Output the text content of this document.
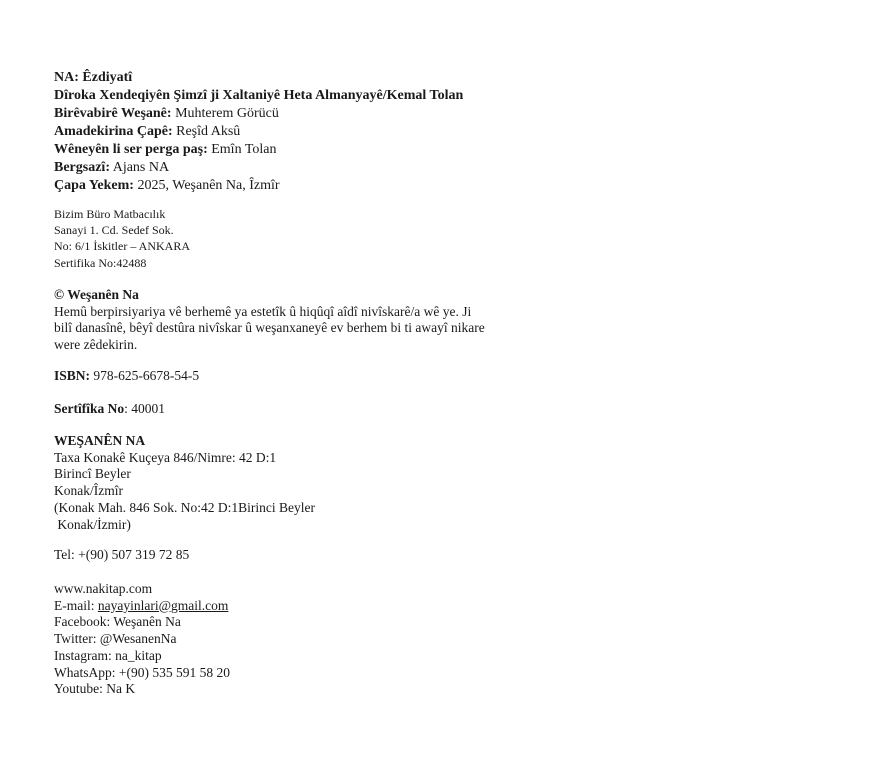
NA: Êzdiyatî
Dîroka Xendeqiyên Şimzî ji Xaltaniyê Heta Almanyayê/Kemal Tolan
Birêvabirê Weşanê: Muhterem Görücü
Amadekirina Çapê: Reşîd Aksû
Wêneyên li ser perga paş: Emîn Tolan
Bergsazî: Ajans NA
Çapa Yekem: 2025, Weşanên Na, Îzmîr
Bizim Büro Matbacılık
Sanayi 1. Cd. Sedef Sok.
No: 6/1 İskitler – ANKARA
Sertifika No:42488
© Weşanên Na
Hemû berpirsiyariya vê berhemê ya estetîk û hiqûqî aîdî nivîskarê/a wê ye. Ji
bilî danasînê, bêyî destûra nivîskar û weşanxaneyê ev berhem bi ti awayî nikare
were zêdekirin.
ISBN: 978-625-6678-54-5
Sertîfîka No: 40001
WEŞANÊN NA
Taxa Konakê Kuçeya 846/Nimre: 42 D:1
Birincî Beyler
Konak/Îzmîr
(Konak Mah. 846 Sok. No:42 D:1Birinci Beyler
Konak/İzmir)
Tel: +(90) 507 319 72 85
www.nakitap.com
E-mail: nayayinlari@gmail.com
Facebook: Weşanên Na
Twitter: @WesanenNa
Instagram: na_kitap
WhatsApp: +(90) 535 591 58 20
Youtube: Na K
